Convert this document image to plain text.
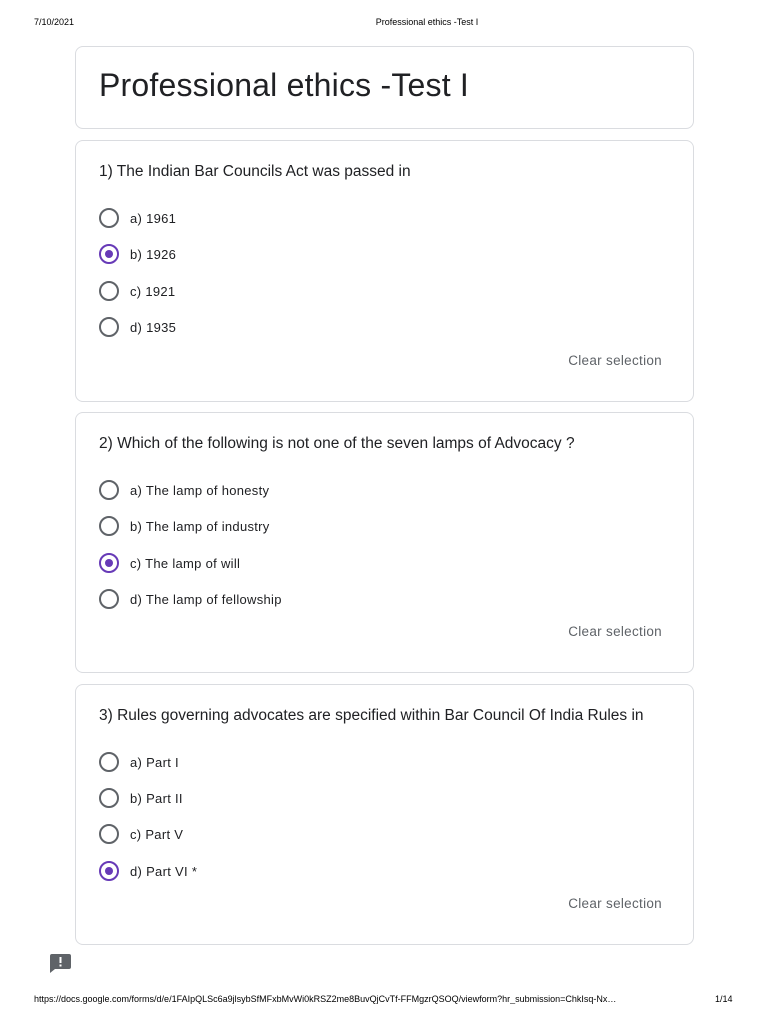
7/10/2021	Professional ethics -Test I
Professional ethics -Test I
1) The Indian Bar Councils Act was passed in
a) 1961
b) 1926
c) 1921
d) 1935
Clear selection
2) Which of the following is not one of the seven lamps of Advocacy ?
a) The lamp of honesty
b) The lamp of industry
c) The lamp of will
d) The lamp of fellowship
Clear selection
3) Rules governing advocates are specified within Bar Council Of India Rules in
a) Part I
b) Part II
c) Part V
d) Part VI *
Clear selection
https://docs.google.com/forms/d/e/1FAIpQLSc6a9jlsybSfMFxbMvWi0kRSZ2me8BuvQjCvTf-FFMgzrQSOQ/viewform?hr_submission=ChkIsq-Nx…	1/14
